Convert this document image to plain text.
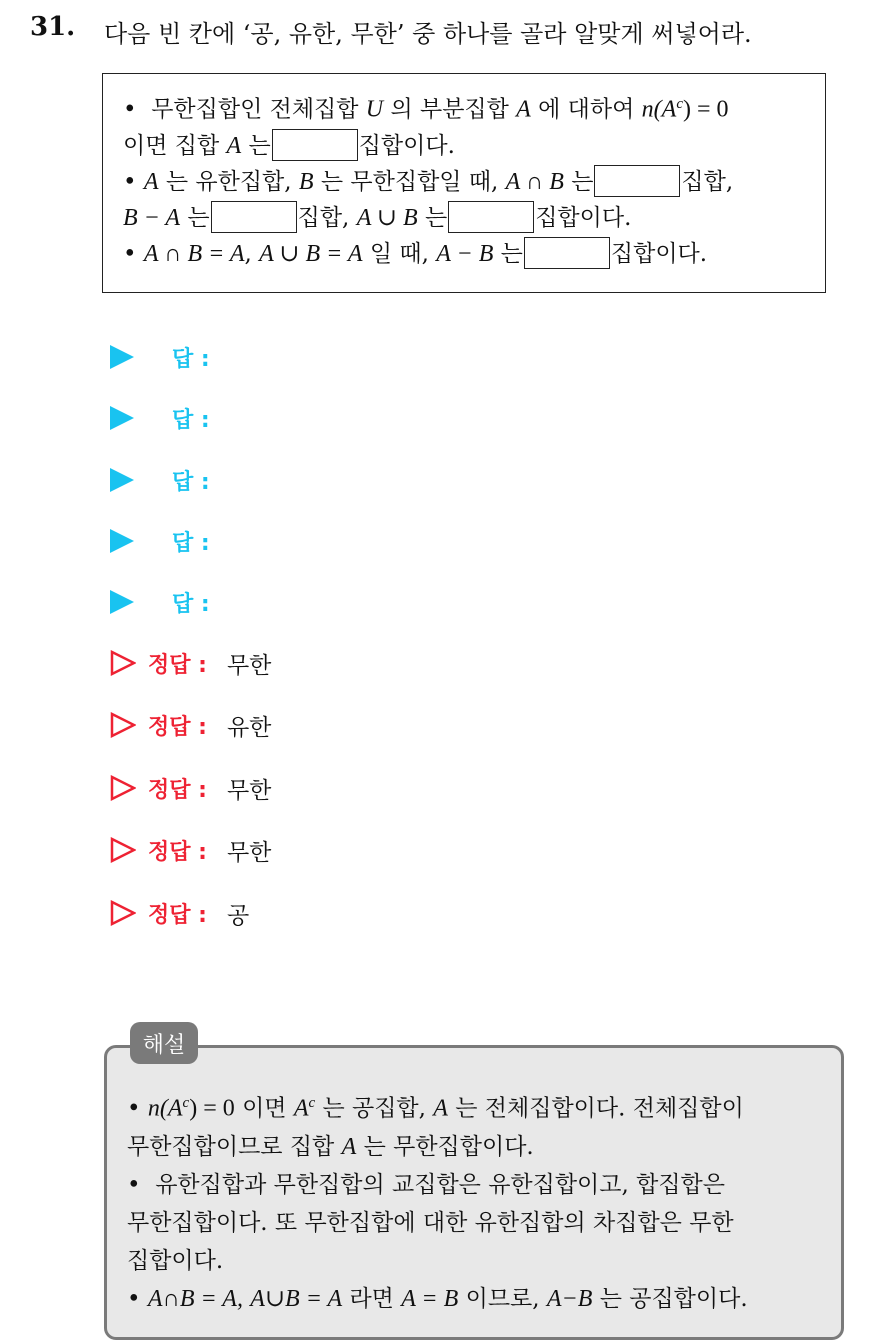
31. 다음 빈 칸에 ‘공, 유한, 무한’ 중 하나를 골라 알맞게 써넣어라.
•  무한집합인 전체집합 U 의 부분집합 A 에 대하여 $n(A^c) = 0$
이면 집합 A 는	집합이다.
• A 는 유한집합, B 는 무한집합일 때, A ∩ B 는	집합,
B − A 는	집합, A ∪ B 는	집합이다.
• A ∩ B = A, A ∪ B = A 일 때, A − B 는	집합이다.
답 :
답 :
답 :
답 :
답 :
정답 : 무한
정답 : 유한
정답 : 무한
정답 : 무한
정답 : 공
• $n(A^c) = 0$ 이면 $A^c$ 는 공집합, A 는 전체집합이다. 전체집합이
무한집합이므로 집합 A 는 무한집합이다.
•  유한집합과 무한집합의 교집합은 유한집합이고, 합집합은
무한집합이다. 또 무한집합에 대한 유한집합의 차집합은 무한
집합이다.
• A∩B = A, A∪B = A 라면 A = B 이므로, A−B 는 공집합이다.
해설
